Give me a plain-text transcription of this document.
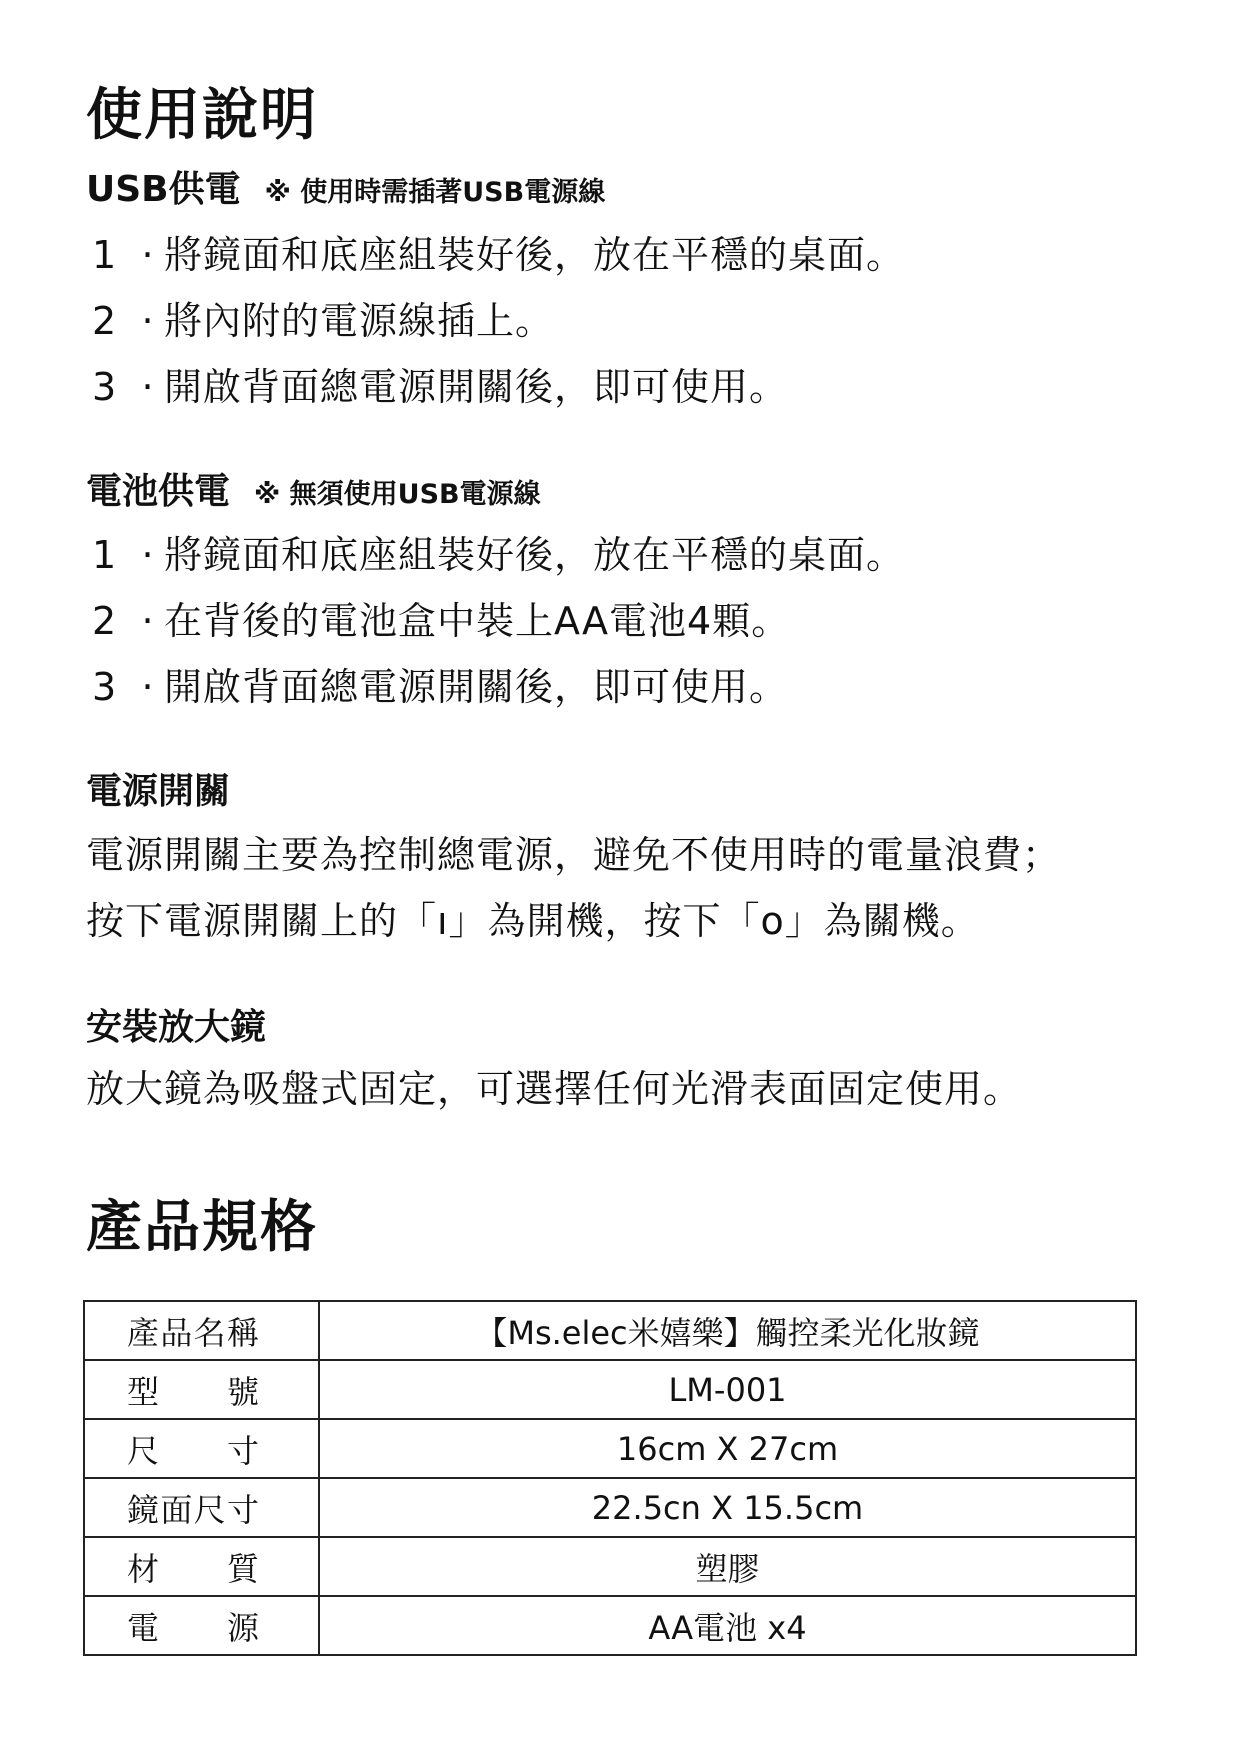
使用說明
USB供電 ※ 使用時需插著USB電源線
1 · 將鏡面和底座組裝好後，放在平穩的桌面。
2 · 將內附的電源線插上。
3 · 開啟背面總電源開關後，即可使用。
電池供電 ※ 無須使用USB電源線
1 · 將鏡面和底座組裝好後，放在平穩的桌面。
2 · 在背後的電池盒中裝上AA電池4顆。
3 · 開啟背面總電源開關後，即可使用。
電源開關
電源開關主要為控制總電源，避免不使用時的電量浪費；
按下電源開關上的「ı」為開機，按下「o」為關機。
安裝放大鏡
放大鏡為吸盤式固定，可選擇任何光滑表面固定使用。
產品規格
產品名稱	【Ms.elec米嬉樂】觸控柔光化妝鏡

型號	LM-001

尺寸	16cm X 27cm

鏡面尺寸	22.5cn X 15.5cm

材質	塑膠

電源	AA電池 x4
